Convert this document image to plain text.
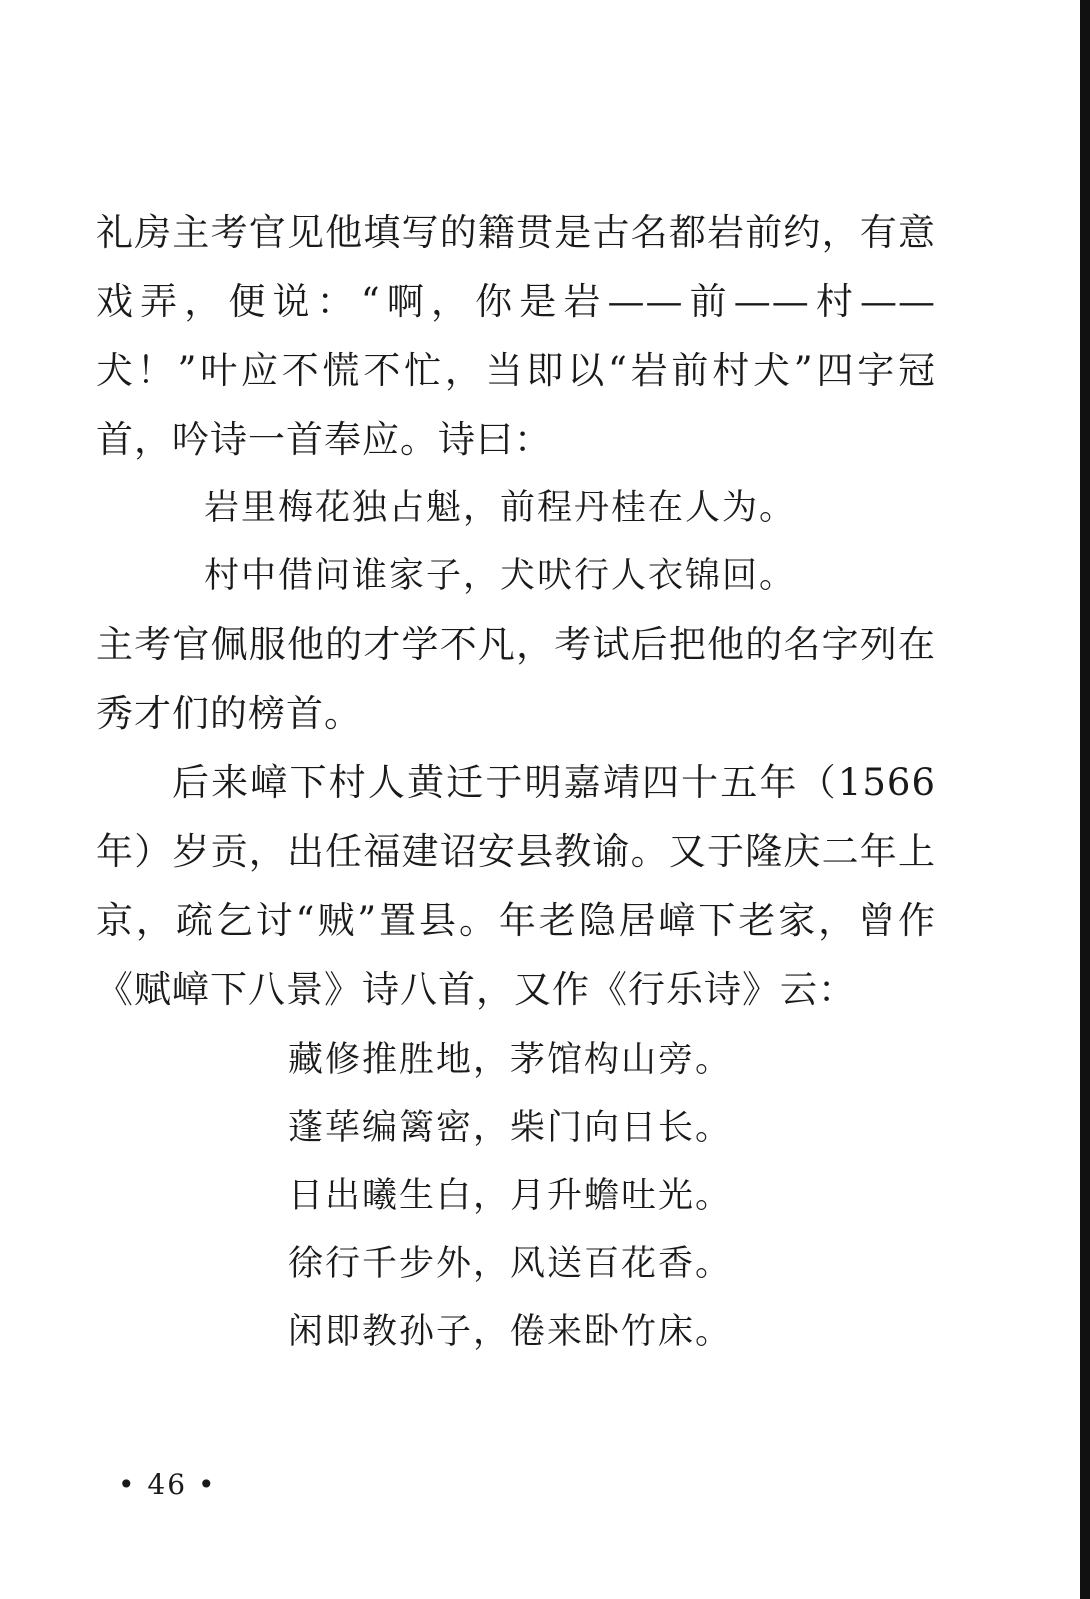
礼房主考官见他填写的籍贯是古名都岩前约，有意戏弄，便说：“啊，你是岩——前——村——犬！”叶应不慌不忙，当即以“岩前村犬”四字冠首，吟诗一首奉应。诗曰：

岩里梅花独占魁，前程丹桂在人为。
村中借问谁家子，犬吠行人衣锦回。

主考官佩服他的才学不凡，考试后把他的名字列在秀才们的榜首。

后来嶂下村人黄迁于明嘉靖四十五年（1566年）岁贡，出任福建诏安县教谕。又于隆庆二年上京，疏乞讨“贼”置县。年老隐居嶂下老家，曾作《赋嶂下八景》诗八首，又作《行乐诗》云：

藏修推胜地，茅馆构山旁。
蓬荜编篱密，柴门向日长。
日出曦生白，月升蟾吐光。
徐行千步外，风送百花香。
闲即教孙子，倦来卧竹床。
• 46 •
